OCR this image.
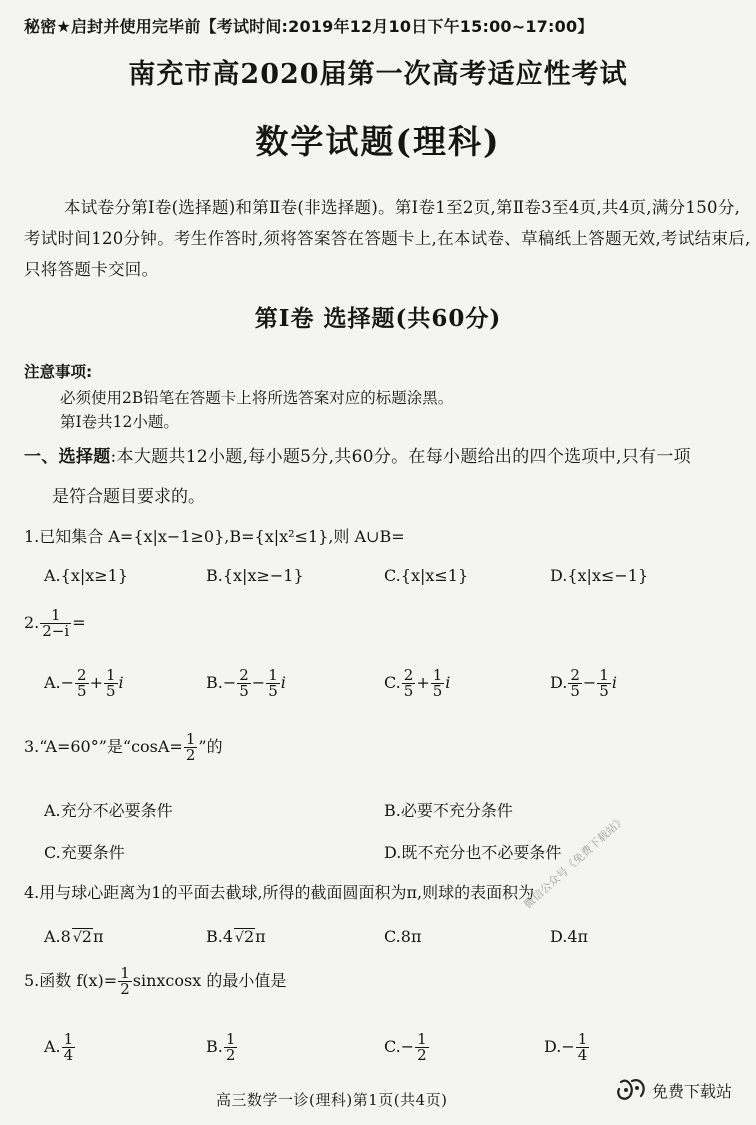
秘密★启封并使用完毕前【考试时间:2019年12月10日下午15:00~17:00】
南充市高2020届第一次高考适应性考试
数学试题(理科)
本试卷分第Ⅰ卷(选择题)和第Ⅱ卷(非选择题)。第Ⅰ卷1至2页,第Ⅱ卷3至4页,共4页,满分150分,考试时间120分钟。考生作答时,须将答案答在答题卡上,在本试卷、草稿纸上答题无效,考试结束后,只将答题卡交回。
第Ⅰ卷 选择题(共60分)
注意事项:
必须使用2B铅笔在答题卡上将所选答案对应的标题涂黑。
第Ⅰ卷共12小题。
一、选择题:本大题共12小题,每小题5分,共60分。在每小题给出的四个选项中,只有一项
是符合题目要求的。
1.已知集合 A={x|x−1≥0},B={x|x²≤1},则 A∪B=
A.{x|x≥1}	B.{x|x≥−1}	C.{x|x≤1}	D.{x|x≤−1}
2. $\frac{1}{2-i}$ =
$A.- \frac{2}{5} + \frac{1}{5}$ i	$B.- \frac{2}{5} - \frac{1}{5}$ i	C. $\frac{2}{5} + \frac{1}{5}$ i	D. $\frac{2}{5} - \frac{1}{5}$ i
3.“A=60°”是“$\cos A= \frac{1}{2}$ ”的
A.充分不必要条件	B.必要不充分条件
C.充要条件	D.既不充分也不必要条件
4.用与球心距离为1的平面去截球,所得的截面圆面积为π,则球的表面积为
A.8 √2π	B.4 √2π	C.8π	D.4π
5.函数 $f(x)= \frac{1}{2}$ sinxcosx 的最小值是
A. $\frac{1}{4}$	B. $\frac{1}{2}$	$C.- \frac{1}{2}$	$D.- \frac{1}{4}$
微信公众号《免费下载站》
高三数学一诊(理科)第1页(共4页)	免费下载站
